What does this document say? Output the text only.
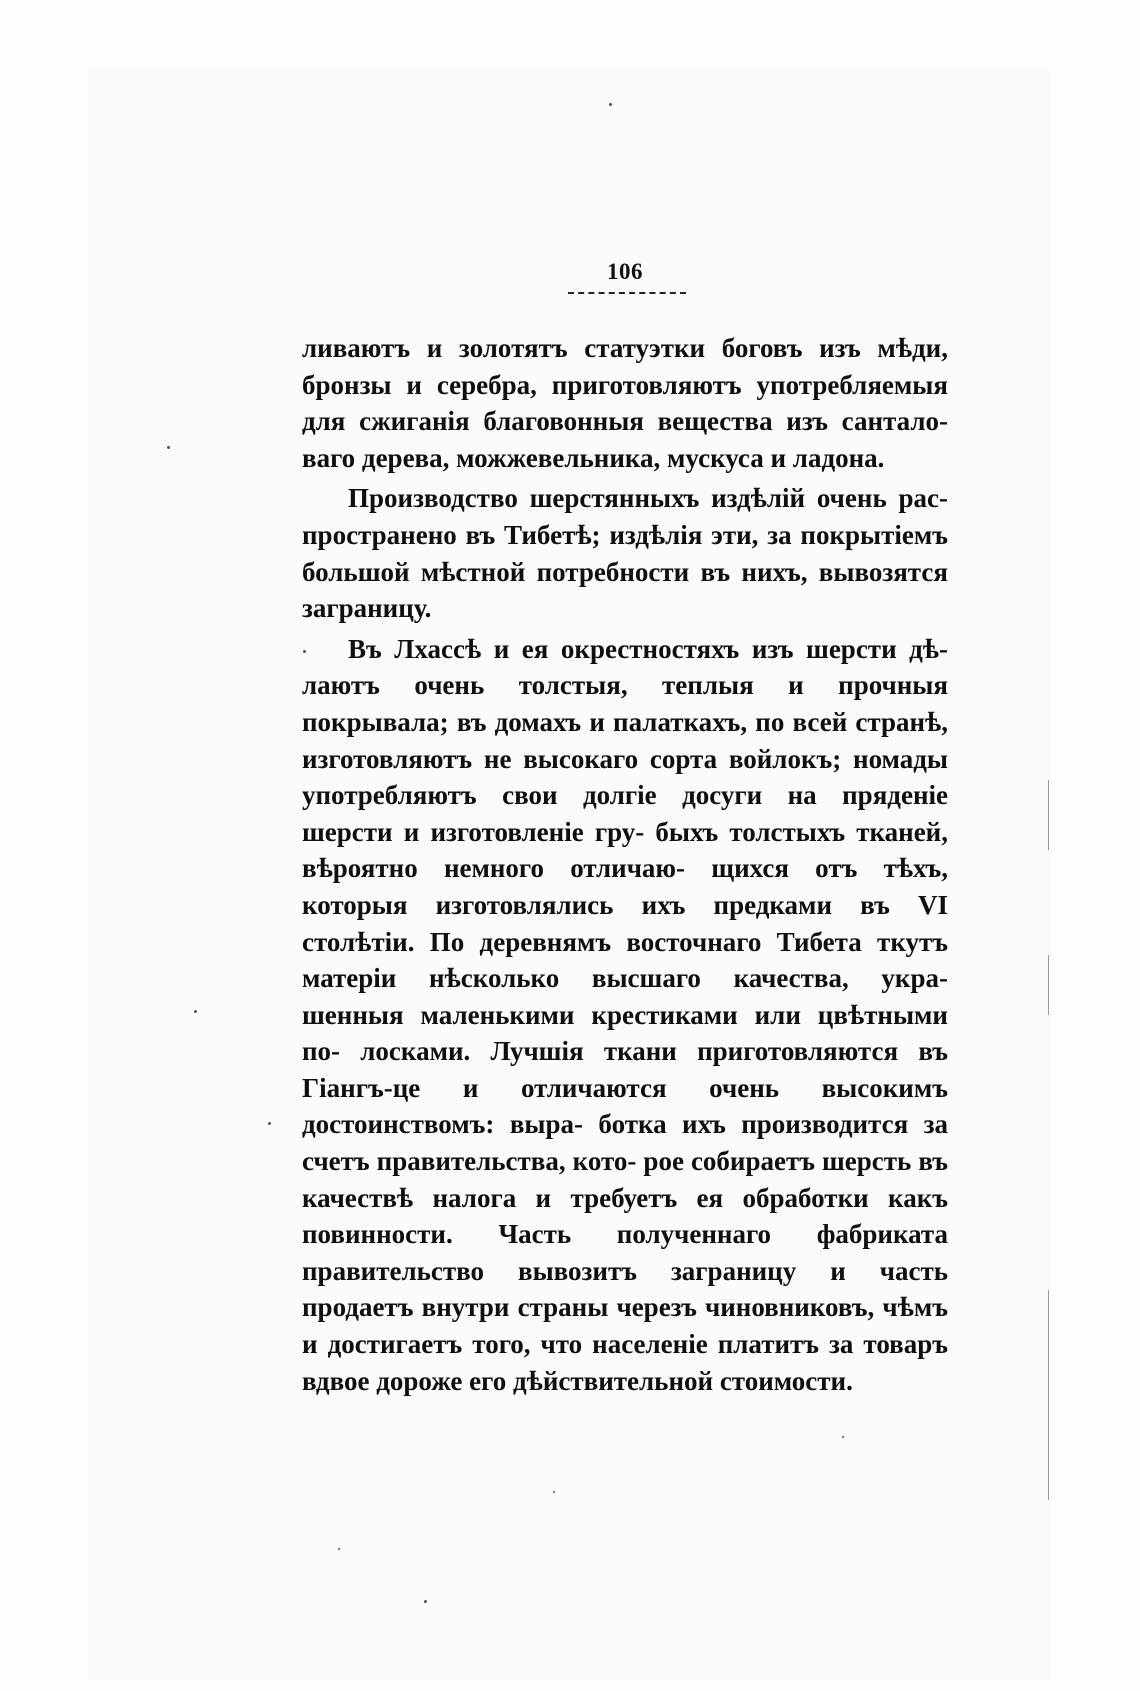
106

ливаютъ и золотятъ статуэтки боговъ изъ мѣди, бронзы и серебра, приготовляютъ употребляемыя для сжиганія благовонныя вещества изъ сантало- ваго дерева, можжевельника, мускуса и ладона.

Производство шерстянныхъ издѣлій очень рас- пространено въ Тибетѣ; издѣлія эти, за покрытіемъ большой мѣстной потребности въ нихъ, вывозятся заграницу.

Въ Лхассѣ и ея окрестностяхъ изъ шерсти дѣ- лаютъ очень толстыя, теплыя и прочныя покрывала; въ домахъ и палаткахъ, по всей странѣ, изготовляютъ не высокаго сорта войлокъ; номады употребляютъ свои долгіе досуги на пряденіе шерсти и изготовленіе гру- быхъ толстыхъ тканей, вѣроятно немного отличаю- щихся отъ тѣхъ, которыя изготовлялись ихъ предками въ VI столѣтіи. По деревнямъ восточнаго Тибета ткутъ матеріи нѣсколько высшаго качества, укра- шенныя маленькими крестиками или цвѣтными по- лосками. Лучшія ткани приготовляются въ Гіангъ-це и отличаются очень высокимъ достоинствомъ: выра- ботка ихъ производится за счетъ правительства, кото- рое собираетъ шерсть въ качествѣ налога и требуетъ ея обработки какъ повинности. Часть полученнаго фабриката правительство вывозитъ заграницу и часть продаетъ внутри страны черезъ чиновниковъ, чѣмъ и достигаетъ того, что населеніе платитъ за товаръ вдвое дороже его дѣйствительной стоимости.
